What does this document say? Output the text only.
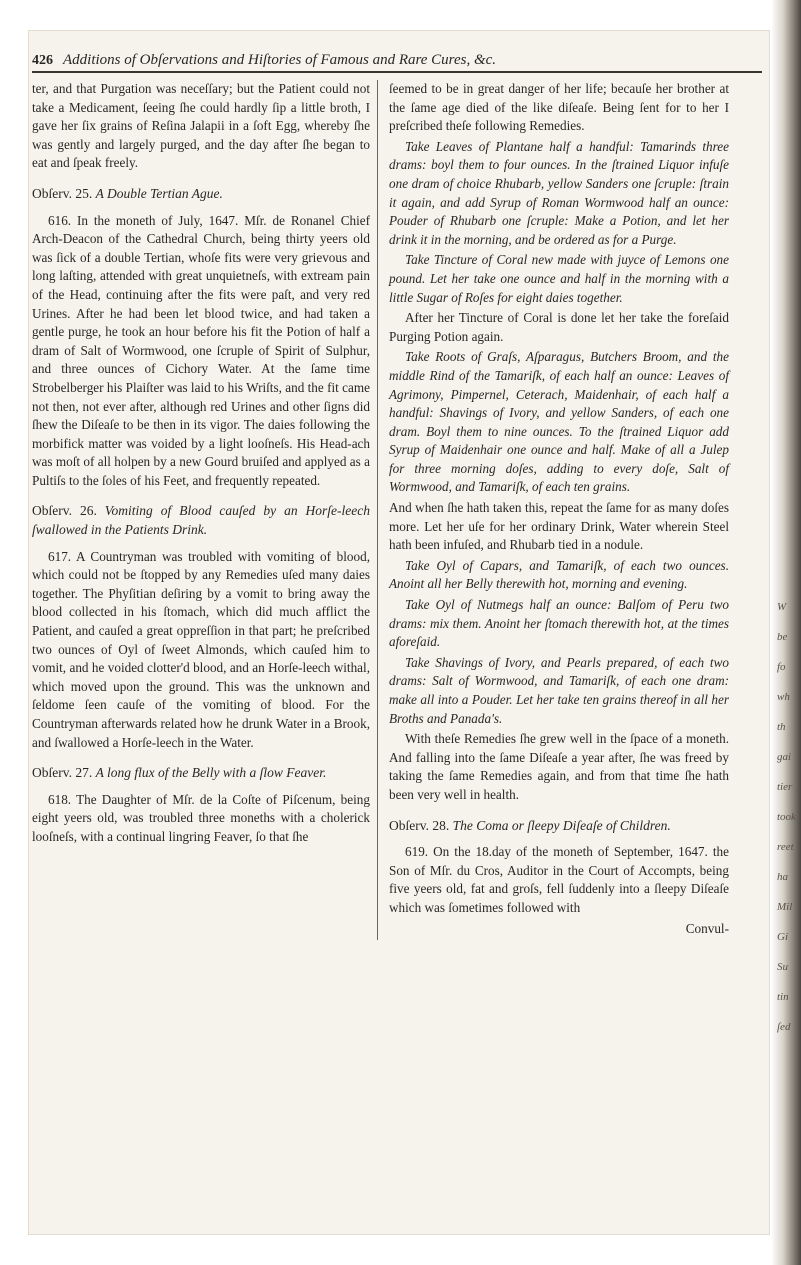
426 Additions of Obſervations and Hiſtories of Famous and Rare Cures, &c.

ter, and that Purgation was neceſſary; but the Patient could not take a Medicament, ſeeing ſhe could hardly ſip a little broth, I gave her ſix grains of Reſina Jalapii in a ſoft Egg, whereby ſhe was gently and largely purged, and the day after ſhe began to eat and ſpeak freely.

Obſerv. 25. A Double Tertian Ague.

616. In the moneth of July, 1647. Mſr. de Ronanel Chief Arch-Deacon of the Cathedral Church, being thirty yeers old was ſick of a double Tertian, whoſe fits were very grievous and long laſting, attended with great unquietneſs, with extream pain of the Head, continuing after the fits were paſt, and very red Urines. After he had been let blood twice, and had taken a gentle purge, he took an hour before his fit the Potion of half a dram of Salt of Wormwood, one ſcruple of Spirit of Sulphur, and three ounces of Cichory Water. At the ſame time Strobelberger his Plaiſter was laid to his Wriſts, and the fit came not then, not ever after, although red Urines and other ſigns did ſhew the Diſeaſe to be then in its vigor. The daies following the morbifick matter was voided by a light looſneſs. His Head-ach was moſt of all holpen by a new Gourd bruiſed and applyed as a Pultiſs to the ſoles of his Feet, and frequently repeated.

Obſerv. 26. Vomiting of Blood cauſed by an Horſe-leech ſwallowed in the Patients Drink.

617. A Countryman was troubled with vomiting of blood, which could not be ſtopped by any Remedies uſed many daies together. The Phyſitian deſiring by a vomit to bring away the blood collected in his ſtomach, which did much afflict the Patient, and cauſed a great oppreſſion in that part; he preſcribed two ounces of Oyl of ſweet Almonds, which cauſed him to vomit, and he voided clotter'd blood, and an Horſe-leech withal, which moved upon the ground. This was the unknown and ſeldome ſeen cauſe of the vomiting of blood. For the Countryman afterwards related how he drunk Water in a Brook, and ſwallowed a Horſe-leech in the Water.

Obſerv. 27. A long flux of the Belly with a ſlow Feaver.

618. The Daughter of Mſr. de la Coſte of Piſcenum, being eight yeers old, was troubled three moneths with a cholerick looſneſs, with a continual lingring Feaver, ſo that ſhe

ſeemed to be in great danger of her life; becauſe her brother at the ſame age died of the like diſeaſe. Being ſent for to her I preſcribed theſe following Remedies.

Take Leaves of Plantane half a handful: Tamarinds three drams: boyl them to four ounces. In the ſtrained Liquor infuſe one dram of choice Rhubarb, yellow Sanders one ſcruple: ſtrain it again, and add Syrup of Roman Wormwood half an ounce: Pouder of Rhubarb one ſcruple: Make a Potion, and let her drink it in the morning, and be ordered as for a Purge.

Take Tincture of Coral new made with juyce of Lemons one pound. Let her take one ounce and half in the morning with a little Sugar of Roſes for eight daies together.

After her Tincture of Coral is done let her take the foreſaid Purging Potion again.

Take Roots of Graſs, Aſparagus, Butchers Broom, and the middle Rind of the Tamariſk, of each half an ounce: Leaves of Agrimony, Pimpernel, Ceterach, Maidenhair, of each half a handful: Shavings of Ivory, and yellow Sanders, of each one dram. Boyl them to nine ounces. To the ſtrained Liquor add Syrup of Maidenhair one ounce and half. Make of all a Julep for three morning doſes, adding to every doſe, Salt of Wormwood, and Tamariſk, of each ten grains.

And when ſhe hath taken this, repeat the ſame for as many doſes more. Let her uſe for her ordinary Drink, Water wherein Steel hath been infuſed, and Rhubarb tied in a nodule.

Take Oyl of Capars, and Tamariſk, of each two ounces. Anoint all her Belly therewith hot, morning and evening.

Take Oyl of Nutmegs half an ounce: Balſom of Peru two drams: mix them. Anoint her ſtomach therewith hot, at the times aforeſaid.

Take Shavings of Ivory, and Pearls prepared, of each two drams: Salt of Wormwood, and Tamariſk, of each one dram: make all into a Pouder. Let her take ten grains thereof in all her Broths and Panada's.

With theſe Remedies ſhe grew well in the ſpace of a moneth. And falling into the ſame Diſeaſe a year after, ſhe was freed by taking the ſame Remedies again, and from that time ſhe hath been very well in health.

Obſerv. 28. The Coma or ſleepy Diſeaſe of Children.

619. On the 18.day of the moneth of September, 1647. the Son of Mſr. du Cros, Auditor in the Court of Accompts, being five yeers old, fat and groſs, fell ſuddenly into a ſleepy Diſeaſe which was ſometimes followed with

Convul-
W
be
fo
wh
th
gai
tier
took
reet
ha
Mil
Gi
Su
tin
ſed
